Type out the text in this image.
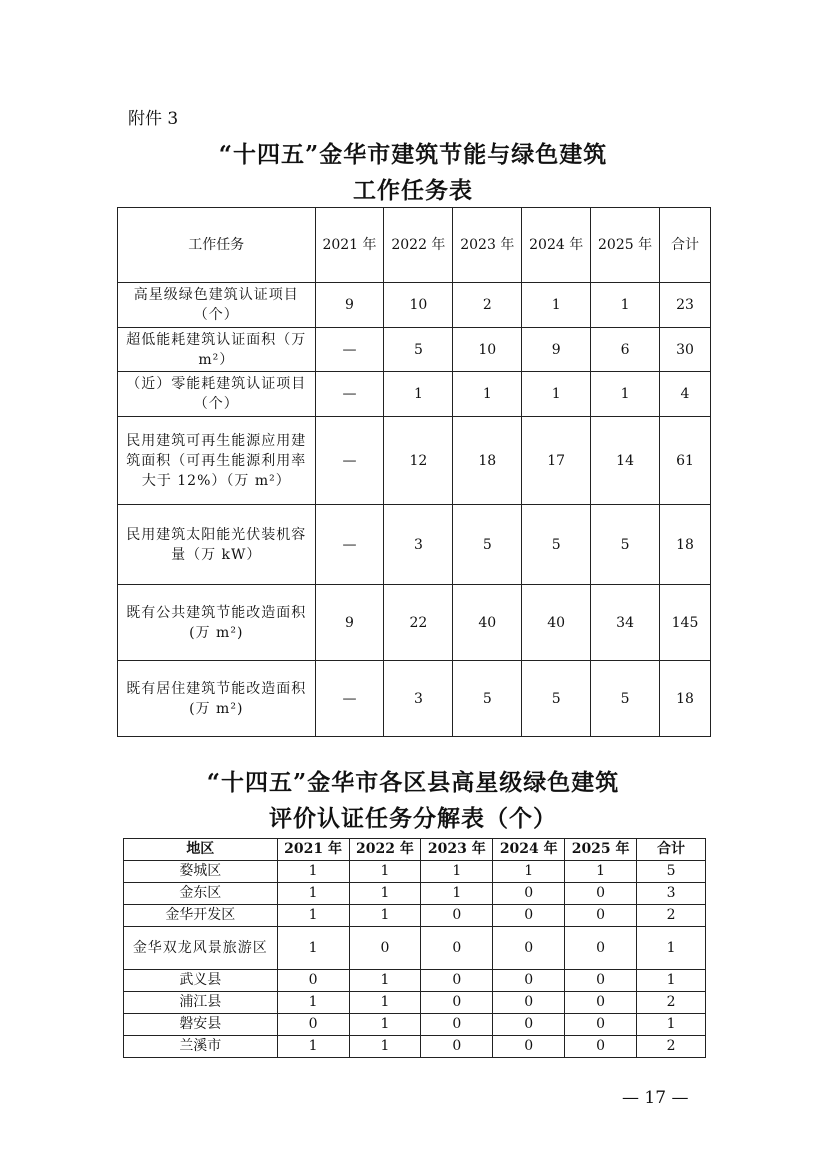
附件 3
“十四五”金华市建筑节能与绿色建筑
工作任务表
工作任务	2021 年	2022 年	2023 年	2024 年	2025 年	合计
高星级绿色建筑认证项目（个）	9	10	2	1	1	23
超低能耗建筑认证面积（万 m²）	—	5	10	9	6	30
（近）零能耗建筑认证项目（个）	—	1	1	1	1	4
民用建筑可再生能源应用建筑面积（可再生能源利用率大于 12%）（万 m²）	—	12	18	17	14	61
民用建筑太阳能光伏装机容量（万 kW）	—	3	5	5	5	18
既有公共建筑节能改造面积(万 m²)	9	22	40	40	34	145
既有居住建筑节能改造面积(万 m²)	—	3	5	5	5	18
“十四五”金华市各区县高星级绿色建筑
评价认证任务分解表（个）
地区	2021 年	2022 年	2023 年	2024 年	2025 年	合计
婺城区	1	1	1	1	1	5
金东区	1	1	1	0	0	3
金华开发区	1	1	0	0	0	2
金华双龙风景旅游区	1	0	0	0	0	1
武义县	0	1	0	0	0	1
浦江县	1	1	0	0	0	2
磐安县	0	1	0	0	0	1
兰溪市	1	1	0	0	0	2
— 17 —
